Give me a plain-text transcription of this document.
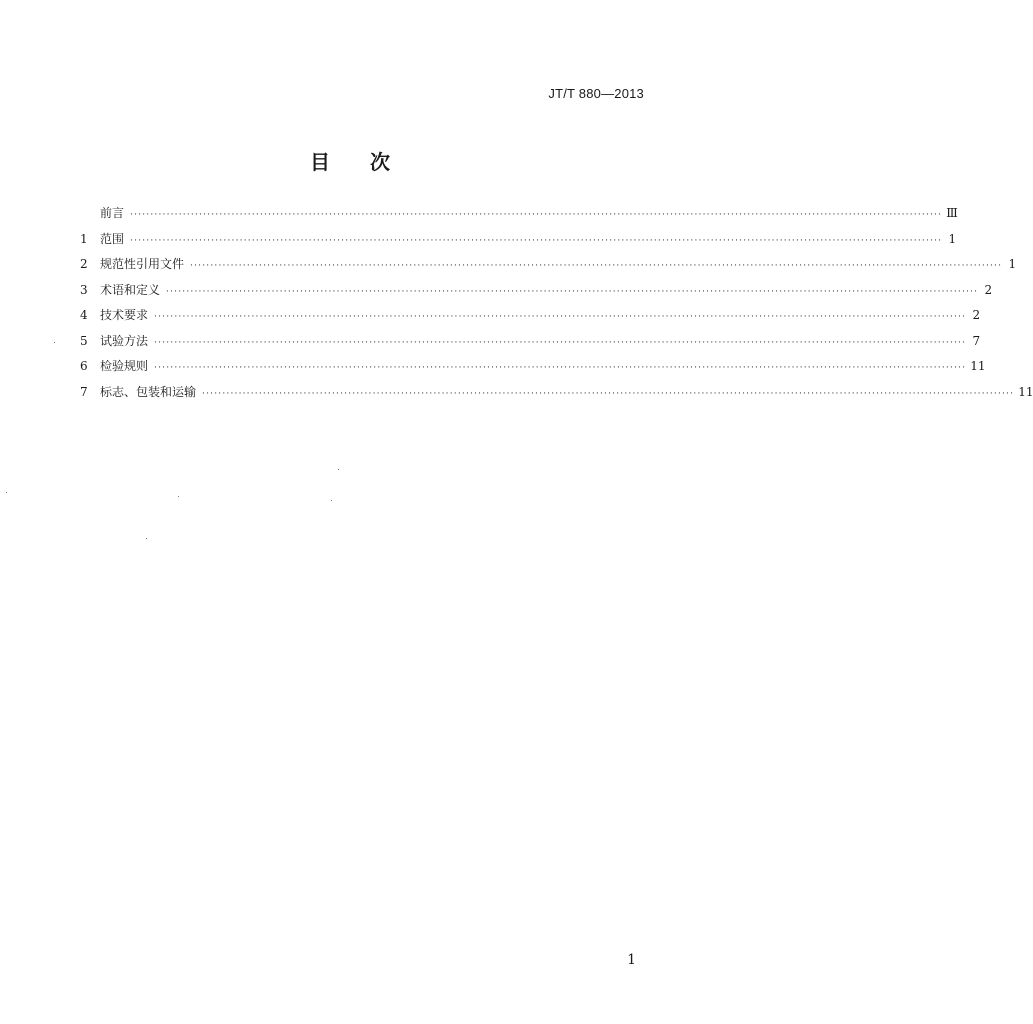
JT/T 880—2013
目 次
前言 ········································································································································································································ Ⅲ
1	范围 ········································································································································································································ 1
2	规范性引用文件 ········································································································································································································ 1
3	术语和定义 ········································································································································································································ 2
4	技术要求 ········································································································································································································ 2
5	试验方法 ········································································································································································································ 7
6	检验规则 ········································································································································································································ 11
7	标志、包装和运输 ········································································································································································································ 11
1
